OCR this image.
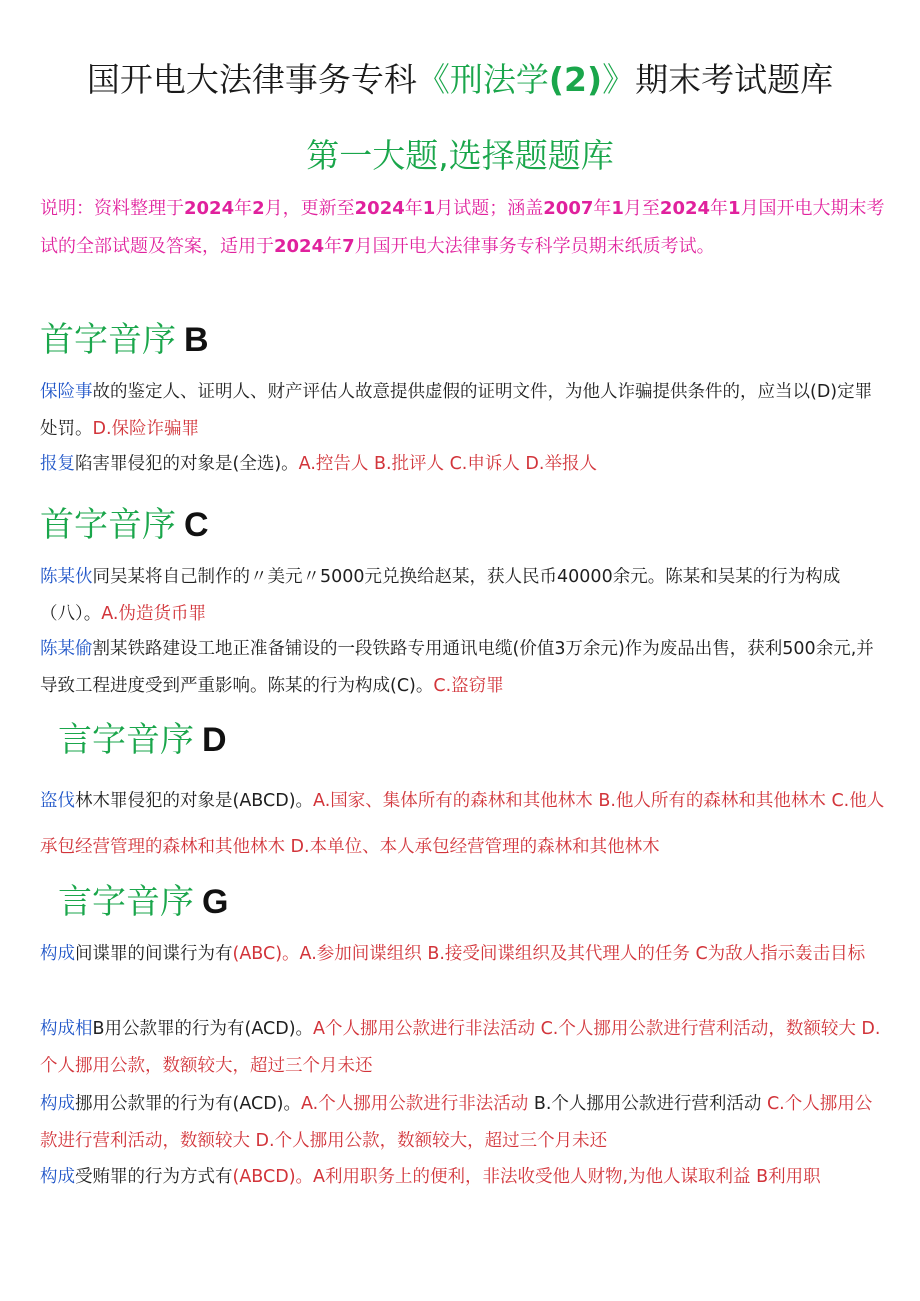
国开电大法律事务专科《刑法学(2)》期末考试题库
第一大题,选择题题库
说明：资料整理于2024年2月，更新至2024年1月试题；涵盖2007年1月至2024年1月国开电大期末考试的全部试题及答案，适用于2024年7月国开电大法律事务专科学员期末纸质考试。
首字音序 B
保险事故的鉴定人、证明人、财产评估人故意提供虚假的证明文件，为他人诈骗提供条件的，应当以(D)定罪处罚。D.保险诈骗罪
报复陷害罪侵犯的对象是(全选)。A.控告人 B.批评人 C.申诉人 D.举报人
首字音序 C
陈某伙同吴某将自己制作的〃美元〃5000元兑换给赵某，获人民币40000余元。陈某和吴某的行为构成（八）。A.伪造货币罪
陈某偷割某铁路建设工地正准备铺设的一段铁路专用通讯电缆(价值3万余元)作为废品出售，获利500余元,并导致工程进度受到严重影响。陈某的行为构成(C)。C.盗窃罪
言字音序 D
盗伐林木罪侵犯的对象是(ABCD)。A.国家、集体所有的森林和其他林木 B.他人所有的森林和其他林木 C.他人承包经营管理的森林和其他林木 D.本单位、本人承包经营管理的森林和其他林木
言字音序 G
构成间谍罪的间谍行为有(ABC)。A.参加间谍组织 B.接受间谍组织及其代理人的任务 C为敌人指示轰击目标
构成相B用公款罪的行为有(ACD)。A个人挪用公款进行非法活动 C.个人挪用公款进行营利活动，数额较大 D.个人挪用公款，数额较大，超过三个月未还
构成挪用公款罪的行为有(ACD)。A.个人挪用公款进行非法活动 B.个人挪用公款进行营利活动 C.个人挪用公款进行营利活动，数额较大 D.个人挪用公款，数额较大，超过三个月未还
构成受贿罪的行为方式有(ABCD)。A利用职务上的便利，非法收受他人财物,为他人谋取利益 B利用职
